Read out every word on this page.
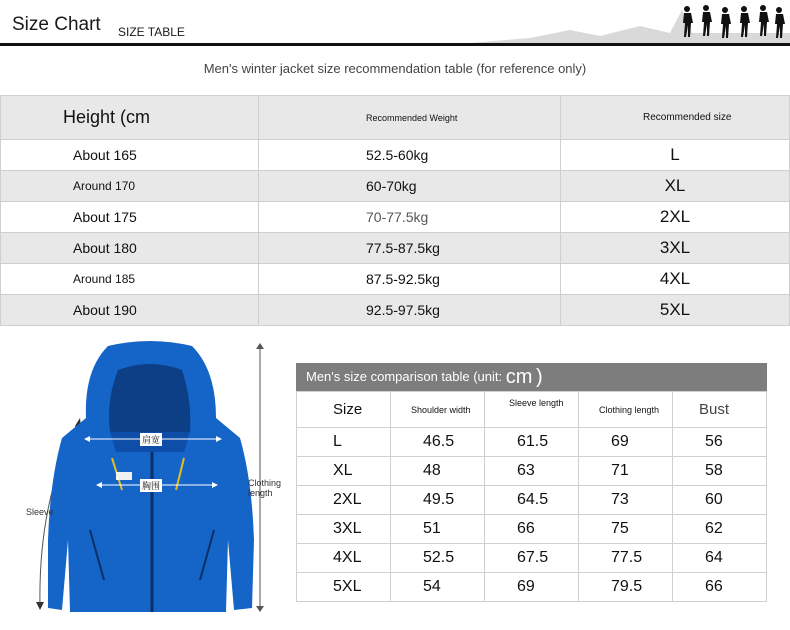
Size Chart SIZE TABLE
Men's winter jacket size recommendation table (for reference only)
Height (cm	Recommended Weight	Recommended size
About 165	52.5-60kg	L
Around 170	60-70kg	XL
About 175	70-77.5kg	2XL
About 180	77.5-87.5kg	3XL
Around 185	87.5-92.5kg	4XL
About 190	92.5-97.5kg	5XL
肩宽
胸围	Clothing length
Sleeve
Men's size comparison table (unit: cm )
Size	Shoulder width	Sleeve length	Clothing length	Bust
L	46.5	61.5	69	56
XL	48	63	71	58
2XL	49.5	64.5	73	60
3XL	51	66	75	62
4XL	52.5	67.5	77.5	64
5XL	54	69	79.5	66
